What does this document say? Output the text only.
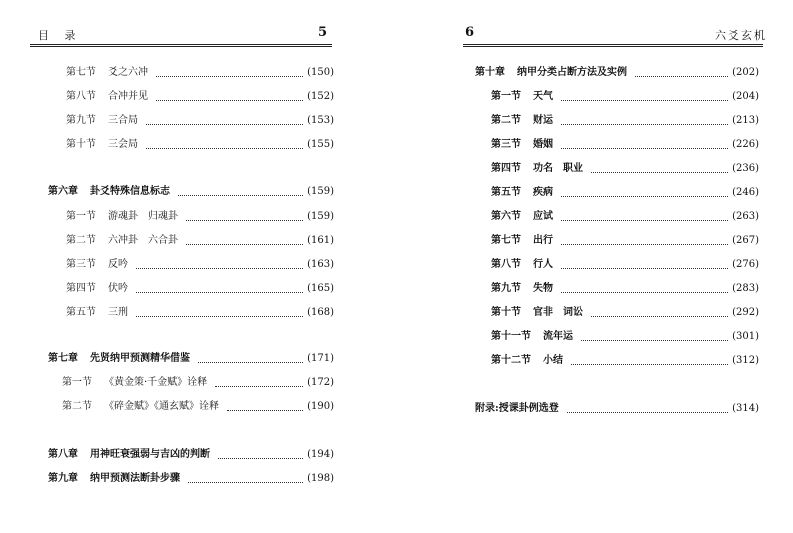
目 录	5
第七节 爻之六冲	(150)
第八节 合冲并见	(152)
第九节 三合局	(153)
第十节 三会局	(155)
第六章 卦爻特殊信息标志	(159)
第一节 游魂卦　归魂卦	(159)
第二节 六冲卦　六合卦	(161)
第三节 反吟	(163)
第四节 伏吟	(165)
第五节 三刑	(168)
第七章 先贤纳甲预测精华借鉴	(171)
第一节 《黄金策·千金赋》诠释	(172)
第二节 《碎金赋》《通玄赋》诠释	(190)
第八章 用神旺衰强弱与吉凶的判断	(194)
第九章 纳甲预测法断卦步骤	(198)
6	六爻玄机
第十章 纳甲分类占断方法及实例	(202)
第一节 天气	(204)
第二节 财运	(213)
第三节 婚姻	(226)
第四节 功名　职业	(236)
第五节 疾病	(246)
第六节 应试	(263)
第七节 出行	(267)
第八节 行人	(276)
第九节 失物	(283)
第十节 官非　词讼	(292)
第十一节 流年运	(301)
第十二节 小结	(312)
附录: 授课卦例选登	(314)
